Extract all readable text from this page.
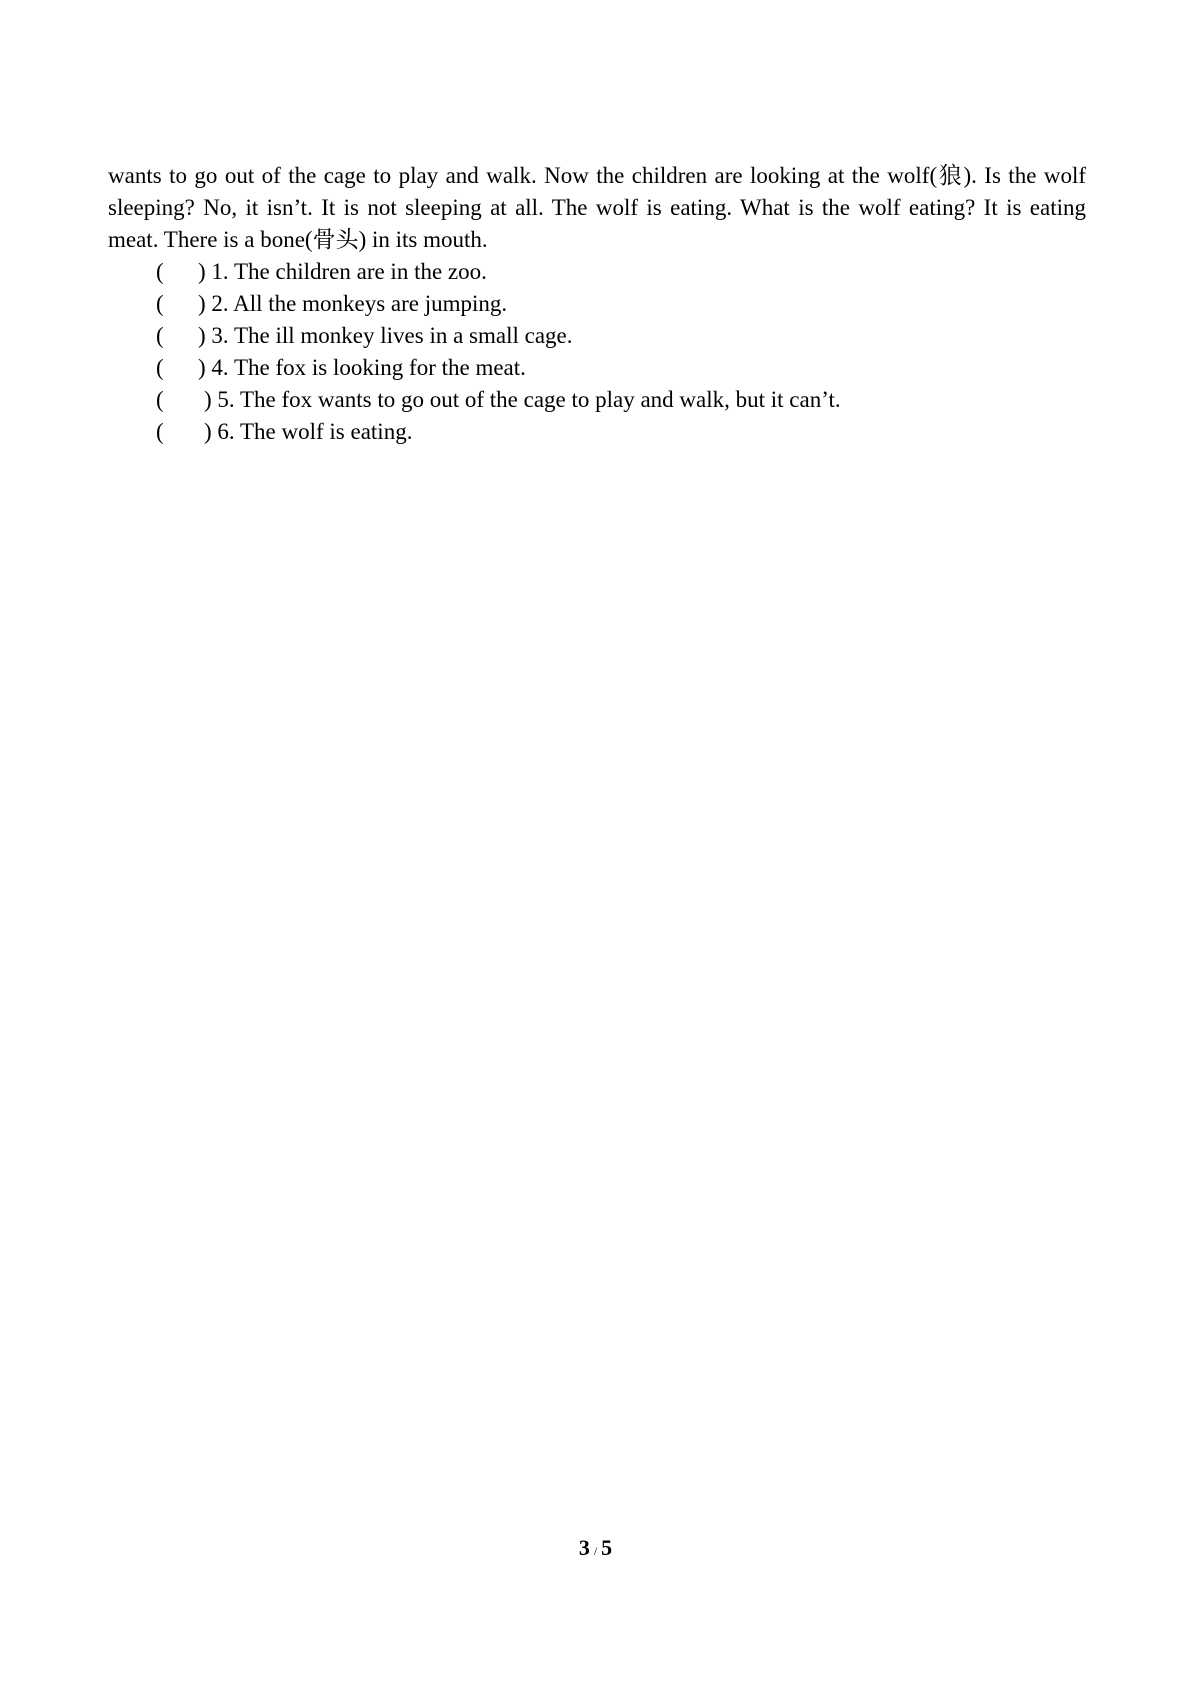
wants to go out of the cage to play and walk. Now the children are looking at the wolf(狼). Is the wolf sleeping? No, it isn’t. It is not sleeping at all. The wolf is eating. What is the wolf eating? It is eating meat. There is a bone(骨头) in its mouth.

(	) 1. The children are in the zoo.
(	) 2. All the monkeys are jumping.
(	) 3. The ill monkey lives in a small cage.
(	) 4. The fox is looking for the meat.
(	) 5. The fox wants to go out of the cage to play and walk, but it can’t.
(	) 6. The wolf is eating.
3 / 5
